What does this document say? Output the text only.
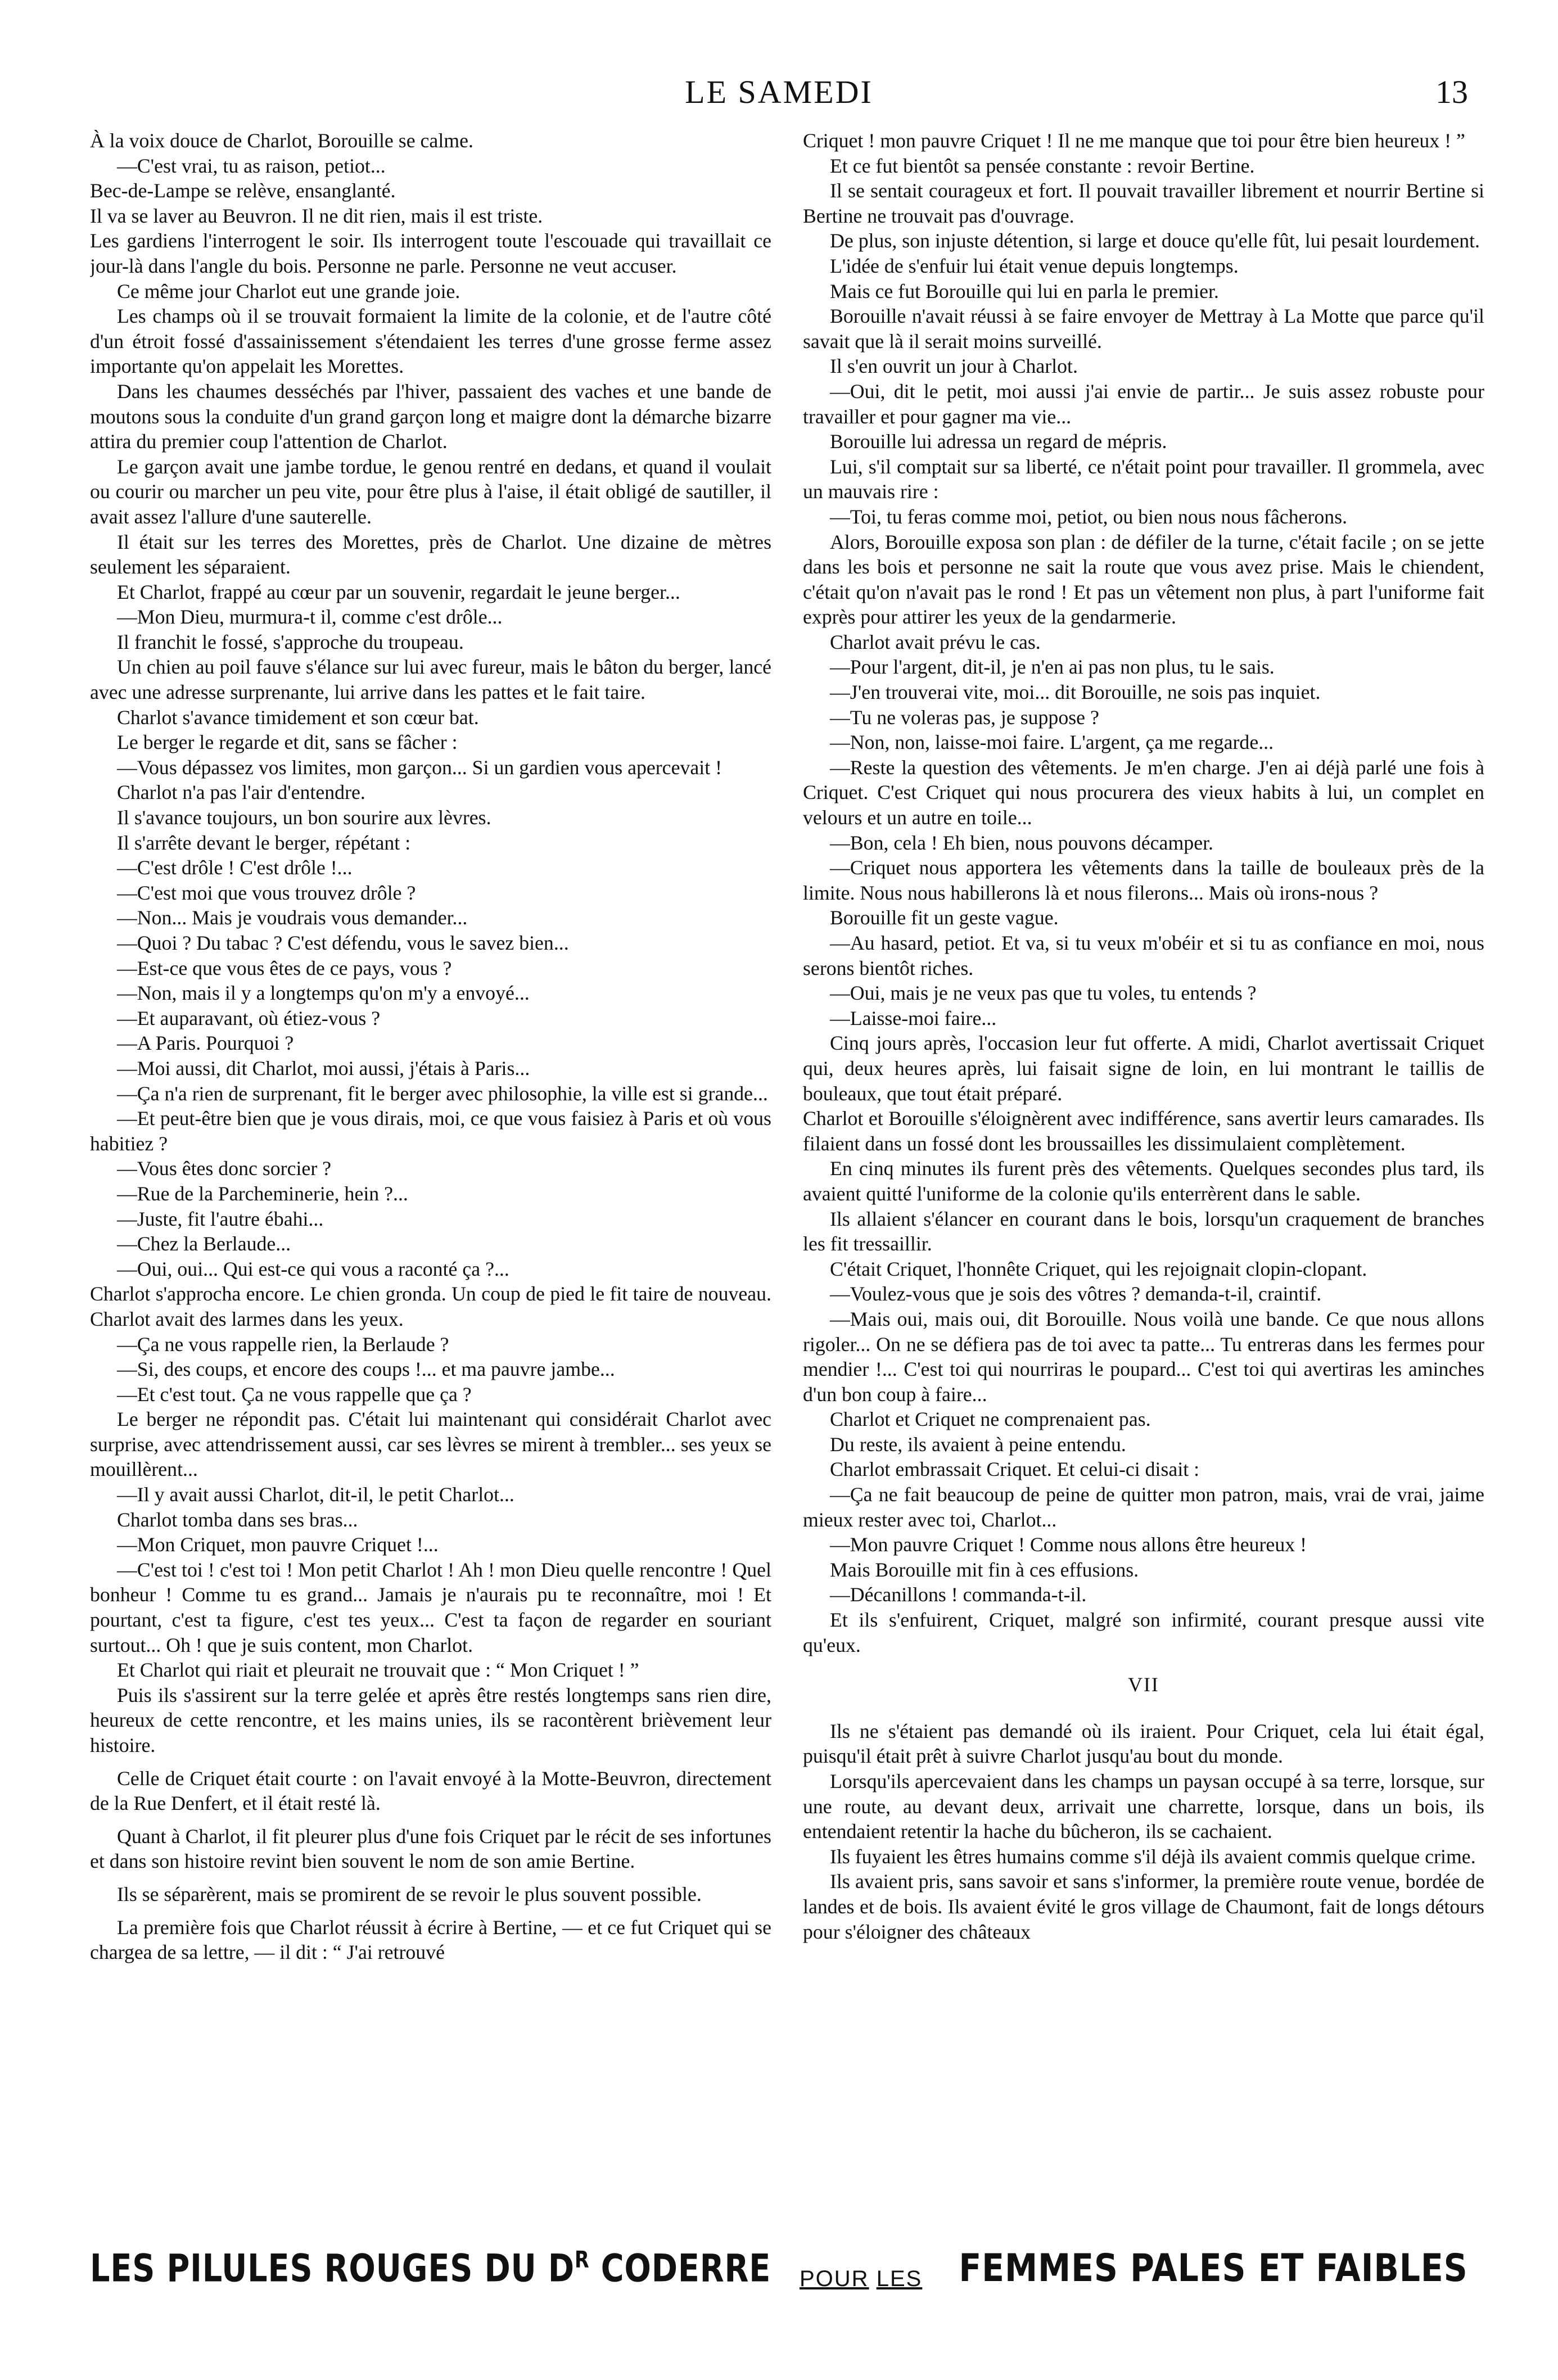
LE SAMEDI	13

À la voix douce de Charlot, Borouille se calme.

—C'est vrai, tu as raison, petiot...

Bec-de-Lampe se relève, ensanglanté.

Il va se laver au Beuvron. Il ne dit rien, mais il est triste.

Les gardiens l'interrogent le soir. Ils interrogent toute l'escouade qui travaillait ce jour-là dans l'angle du bois. Personne ne parle. Personne ne veut accuser.

Ce même jour Charlot eut une grande joie.

Les champs où il se trouvait formaient la limite de la colonie, et de l'autre côté d'un étroit fossé d'assainissement s'étendaient les terres d'une grosse ferme assez importante qu'on appelait les Morettes.

Dans les chaumes desséchés par l'hiver, passaient des vaches et une bande de moutons sous la conduite d'un grand garçon long et maigre dont la démarche bizarre attira du premier coup l'attention de Charlot.

Le garçon avait une jambe tordue, le genou rentré en dedans, et quand il voulait ou courir ou marcher un peu vite, pour être plus à l'aise, il était obligé de sautiller, il avait assez l'allure d'une sauterelle.

Il était sur les terres des Morettes, près de Charlot. Une dizaine de mètres seulement les séparaient.

Et Charlot, frappé au cœur par un souvenir, regardait le jeune berger...

—Mon Dieu, murmura-t il, comme c'est drôle...

Il franchit le fossé, s'approche du troupeau.

Un chien au poil fauve s'élance sur lui avec fureur, mais le bâton du berger, lancé avec une adresse surprenante, lui arrive dans les pattes et le fait taire.

Charlot s'avance timidement et son cœur bat.

Le berger le regarde et dit, sans se fâcher :

—Vous dépassez vos limites, mon garçon... Si un gardien vous apercevait !

Charlot n'a pas l'air d'entendre.

Il s'avance toujours, un bon sourire aux lèvres.

Il s'arrête devant le berger, répétant :

—C'est drôle ! C'est drôle !...

—C'est moi que vous trouvez drôle ?

—Non... Mais je voudrais vous demander...

—Quoi ? Du tabac ? C'est défendu, vous le savez bien...

—Est-ce que vous êtes de ce pays, vous ?

—Non, mais il y a longtemps qu'on m'y a envoyé...

—Et auparavant, où étiez-vous ?

—A Paris. Pourquoi ?

—Moi aussi, dit Charlot, moi aussi, j'étais à Paris...

—Ça n'a rien de surprenant, fit le berger avec philosophie, la ville est si grande...

—Et peut-être bien que je vous dirais, moi, ce que vous faisiez à Paris et où vous habitiez ?

—Vous êtes donc sorcier ?

—Rue de la Parcheminerie, hein ?...

—Juste, fit l'autre ébahi...

—Chez la Berlaude...

—Oui, oui... Qui est-ce qui vous a raconté ça ?...

Charlot s'approcha encore. Le chien gronda. Un coup de pied le fit taire de nouveau. Charlot avait des larmes dans les yeux.

—Ça ne vous rappelle rien, la Berlaude ?

—Si, des coups, et encore des coups !... et ma pauvre jambe...

—Et c'est tout. Ça ne vous rappelle que ça ?

Le berger ne répondit pas. C'était lui maintenant qui considérait Charlot avec surprise, avec attendrissement aussi, car ses lèvres se mirent à trembler... ses yeux se mouillèrent...

—Il y avait aussi Charlot, dit-il, le petit Charlot...

Charlot tomba dans ses bras...

—Mon Criquet, mon pauvre Criquet !...

—C'est toi ! c'est toi ! Mon petit Charlot ! Ah ! mon Dieu quelle rencontre ! Quel bonheur ! Comme tu es grand... Jamais je n'aurais pu te reconnaître, moi ! Et pourtant, c'est ta figure, c'est tes yeux... C'est ta façon de regarder en souriant surtout... Oh ! que je suis content, mon Charlot.

Et Charlot qui riait et pleurait ne trouvait que : “ Mon Criquet ! ”

Puis ils s'assirent sur la terre gelée et après être restés longtemps sans rien dire, heureux de cette rencontre, et les mains unies, ils se racontèrent brièvement leur histoire.

Celle de Criquet était courte : on l'avait envoyé à la Motte-Beuvron, directement de la Rue Denfert, et il était resté là.

Quant à Charlot, il fit pleurer plus d'une fois Criquet par le récit de ses infortunes et dans son histoire revint bien souvent le nom de son amie Bertine.

Ils se séparèrent, mais se promirent de se revoir le plus souvent possible.

La première fois que Charlot réussit à écrire à Bertine, — et ce fut Criquet qui se chargea de sa lettre, — il dit : “ J'ai retrouvé

Criquet ! mon pauvre Criquet ! Il ne me manque que toi pour être bien heureux ! ”

Et ce fut bientôt sa pensée constante : revoir Bertine.

Il se sentait courageux et fort. Il pouvait travailler librement et nourrir Bertine si Bertine ne trouvait pas d'ouvrage.

De plus, son injuste détention, si large et douce qu'elle fût, lui pesait lourdement.

L'idée de s'enfuir lui était venue depuis longtemps.

Mais ce fut Borouille qui lui en parla le premier.

Borouille n'avait réussi à se faire envoyer de Mettray à La Motte que parce qu'il savait que là il serait moins surveillé.

Il s'en ouvrit un jour à Charlot.

—Oui, dit le petit, moi aussi j'ai envie de partir... Je suis assez robuste pour travailler et pour gagner ma vie...

Borouille lui adressa un regard de mépris.

Lui, s'il comptait sur sa liberté, ce n'était point pour travailler. Il grommela, avec un mauvais rire :

—Toi, tu feras comme moi, petiot, ou bien nous nous fâcherons.

Alors, Borouille exposa son plan : de défiler de la turne, c'était facile ; on se jette dans les bois et personne ne sait la route que vous avez prise. Mais le chiendent, c'était qu'on n'avait pas le rond ! Et pas un vêtement non plus, à part l'uniforme fait exprès pour attirer les yeux de la gendarmerie.

Charlot avait prévu le cas.

—Pour l'argent, dit-il, je n'en ai pas non plus, tu le sais.

—J'en trouverai vite, moi... dit Borouille, ne sois pas inquiet.

—Tu ne voleras pas, je suppose ?

—Non, non, laisse-moi faire. L'argent, ça me regarde...

—Reste la question des vêtements. Je m'en charge. J'en ai déjà parlé une fois à Criquet. C'est Criquet qui nous procurera des vieux habits à lui, un complet en velours et un autre en toile...

—Bon, cela ! Eh bien, nous pouvons décamper.

—Criquet nous apportera les vêtements dans la taille de bouleaux près de la limite. Nous nous habillerons là et nous filerons... Mais où irons-nous ?

Borouille fit un geste vague.

—Au hasard, petiot. Et va, si tu veux m'obéir et si tu as confiance en moi, nous serons bientôt riches.

—Oui, mais je ne veux pas que tu voles, tu entends ?

—Laisse-moi faire...

Cinq jours après, l'occasion leur fut offerte. A midi, Charlot avertissait Criquet qui, deux heures après, lui faisait signe de loin, en lui montrant le taillis de bouleaux, que tout était préparé.

Charlot et Borouille s'éloignèrent avec indifférence, sans avertir leurs camarades. Ils filaient dans un fossé dont les broussailles les dissimulaient complètement.

En cinq minutes ils furent près des vêtements. Quelques secondes plus tard, ils avaient quitté l'uniforme de la colonie qu'ils enterrèrent dans le sable.

Ils allaient s'élancer en courant dans le bois, lorsqu'un craquement de branches les fit tressaillir.

C'était Criquet, l'honnête Criquet, qui les rejoignait clopin-clopant.

—Voulez-vous que je sois des vôtres ? demanda-t-il, craintif.

—Mais oui, mais oui, dit Borouille. Nous voilà une bande. Ce que nous allons rigoler... On ne se défiera pas de toi avec ta patte... Tu entreras dans les fermes pour mendier !... C'est toi qui nourriras le poupard... C'est toi qui avertiras les aminches d'un bon coup à faire...

Charlot et Criquet ne comprenaient pas.

Du reste, ils avaient à peine entendu.

Charlot embrassait Criquet. Et celui-ci disait :

—Ça ne fait beaucoup de peine de quitter mon patron, mais, vrai de vrai, jaime mieux rester avec toi, Charlot...

—Mon pauvre Criquet ! Comme nous allons être heureux !

Mais Borouille mit fin à ces effusions.

—Décanillons ! commanda-t-il.

Et ils s'enfuirent, Criquet, malgré son infirmité, courant presque aussi vite qu'eux.

VII

Ils ne s'étaient pas demandé où ils iraient. Pour Criquet, cela lui était égal, puisqu'il était prêt à suivre Charlot jusqu'au bout du monde.

Lorsqu'ils apercevaient dans les champs un paysan occupé à sa terre, lorsque, sur une route, au devant deux, arrivait une charrette, lorsque, dans un bois, ils entendaient retentir la hache du bûcheron, ils se cachaient.

Ils fuyaient les êtres humains comme s'il déjà ils avaient commis quelque crime.

Ils avaient pris, sans savoir et sans s'informer, la première route venue, bordée de landes et de bois. Ils avaient évité le gros village de Chaumont, fait de longs détours pour s'éloigner des châteaux

LES PILULES ROUGES DU $D^R$ CODERRE POUR LES FEMMES PALES ET FAIBLES
